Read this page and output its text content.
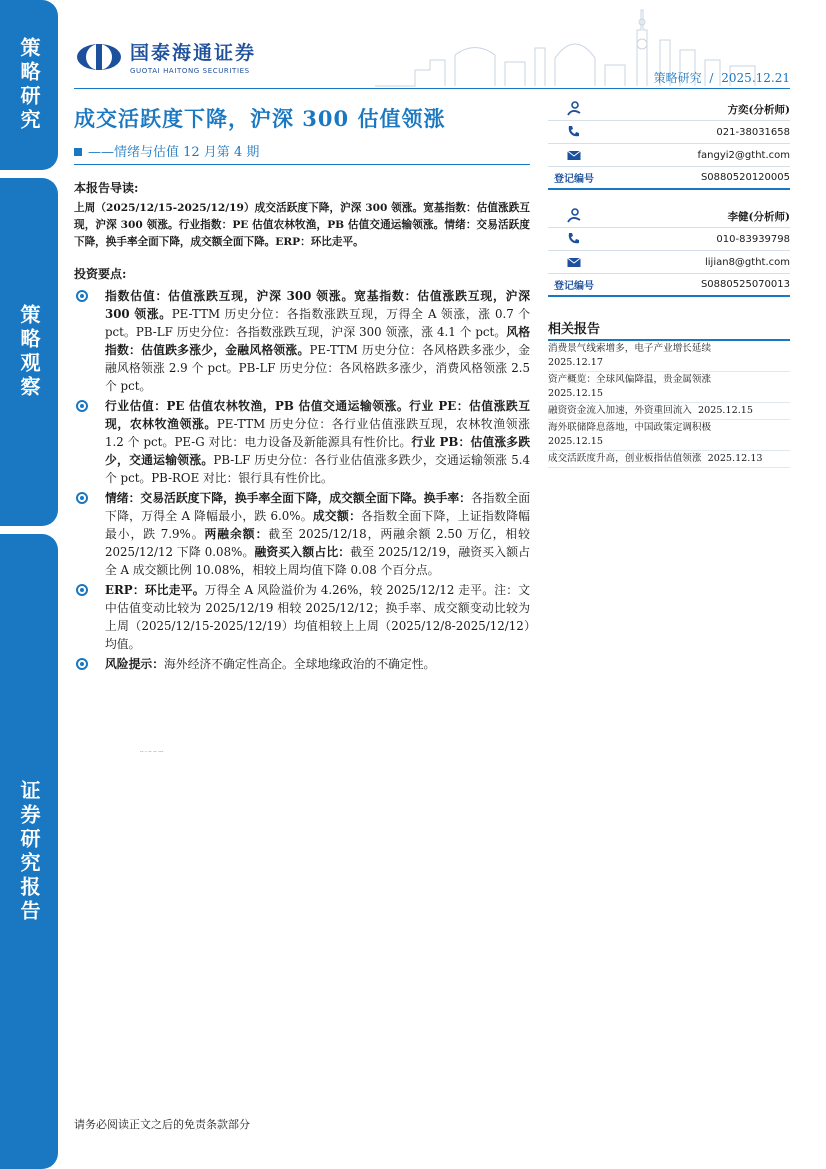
策略研究
策略观察
证券研究报告
国泰海通证券
GUOTAI HAITONG SECURITIES	策略研究 / 2025.12.21
成交活跃度下降，沪深 300 估值领涨
——情绪与估值 12 月第 4 期
本报告导读:
上周（2025/12/15-2025/12/19）成交活跃度下降，沪深 300 领涨。宽基指数：估值涨跌互现，沪深 300 领涨。行业指数：PE 估值农林牧渔，PB 估值交通运输领涨。情绪：交易活跃度下降，换手率全面下降，成交额全面下降。ERP：环比走平。
投资要点:
指数估值：估值涨跌互现，沪深 300 领涨。宽基指数：估值涨跌互现，沪深 300 领涨。PE-TTM 历史分位：各指数涨跌互现，万得全 A 领涨，涨 0.7 个 pct。PB-LF 历史分位：各指数涨跌互现，沪深 300 领涨，涨 4.1 个 pct。风格指数：估值跌多涨少，金融风格领涨。PE-TTM 历史分位：各风格跌多涨少，金融风格领涨 2.9 个 pct。PB-LF 历史分位：各风格跌多涨少，消费风格领涨 2.5 个 pct。
行业估值：PE 估值农林牧渔，PB 估值交通运输领涨。行业 PE：估值涨跌互现，农林牧渔领涨。PE-TTM 历史分位：各行业估值涨跌互现，农林牧渔领涨 1.2 个 pct。PE-G 对比：电力设备及新能源具有性价比。行业 PB：估值涨多跌少，交通运输领涨。PB-LF 历史分位：各行业估值涨多跌少，交通运输领涨 5.4 个 pct。PB-ROE 对比：银行具有性价比。
情绪：交易活跃度下降，换手率全面下降，成交额全面下降。换手率：各指数全面下降，万得全 A 降幅最小，跌 6.0%。成交额：各指数全面下降，上证指数降幅最小，跌 7.9%。两融余额：截至 2025/12/18，两融余额 2.50 万亿，相较 2025/12/12 下降 0.08%。融资买入额占比：截至 2025/12/19，融资买入额占全 A 成交额比例 10.08%，相较上周均值下降 0.08 个百分点。
ERP：环比走平。万得全 A 风险溢价为 4.26%，较 2025/12/12 走平。注：文中估值变动比较为 2025/12/19 相较 2025/12/12；换手率、成交额变动比较为上周（2025/12/15-2025/12/19）均值相较上上周（2025/12/8-2025/12/12）均值。
风险提示：海外经济不确定性高企。全球地缘政治的不确定性。
-- - -- -- ---
方奕(分析师)
021-38031658
fangyi2@gtht.com
登记编号	S0880520120005
李健(分析师)
010-83939798
lijian8@gtht.com
登记编号	S0880525070013
相关报告
消费景气线索增多，电子产业增长延续
2025.12.17
资产概览：全球风偏降温，贵金属领涨
2025.12.15
融资资金流入加速，外资重回流入 2025.12.15
海外联储降息落地，中国政策定调积极
2025.12.15
成交活跃度升高，创业板指估值领涨 2025.12.13
请务必阅读正文之后的免责条款部分
